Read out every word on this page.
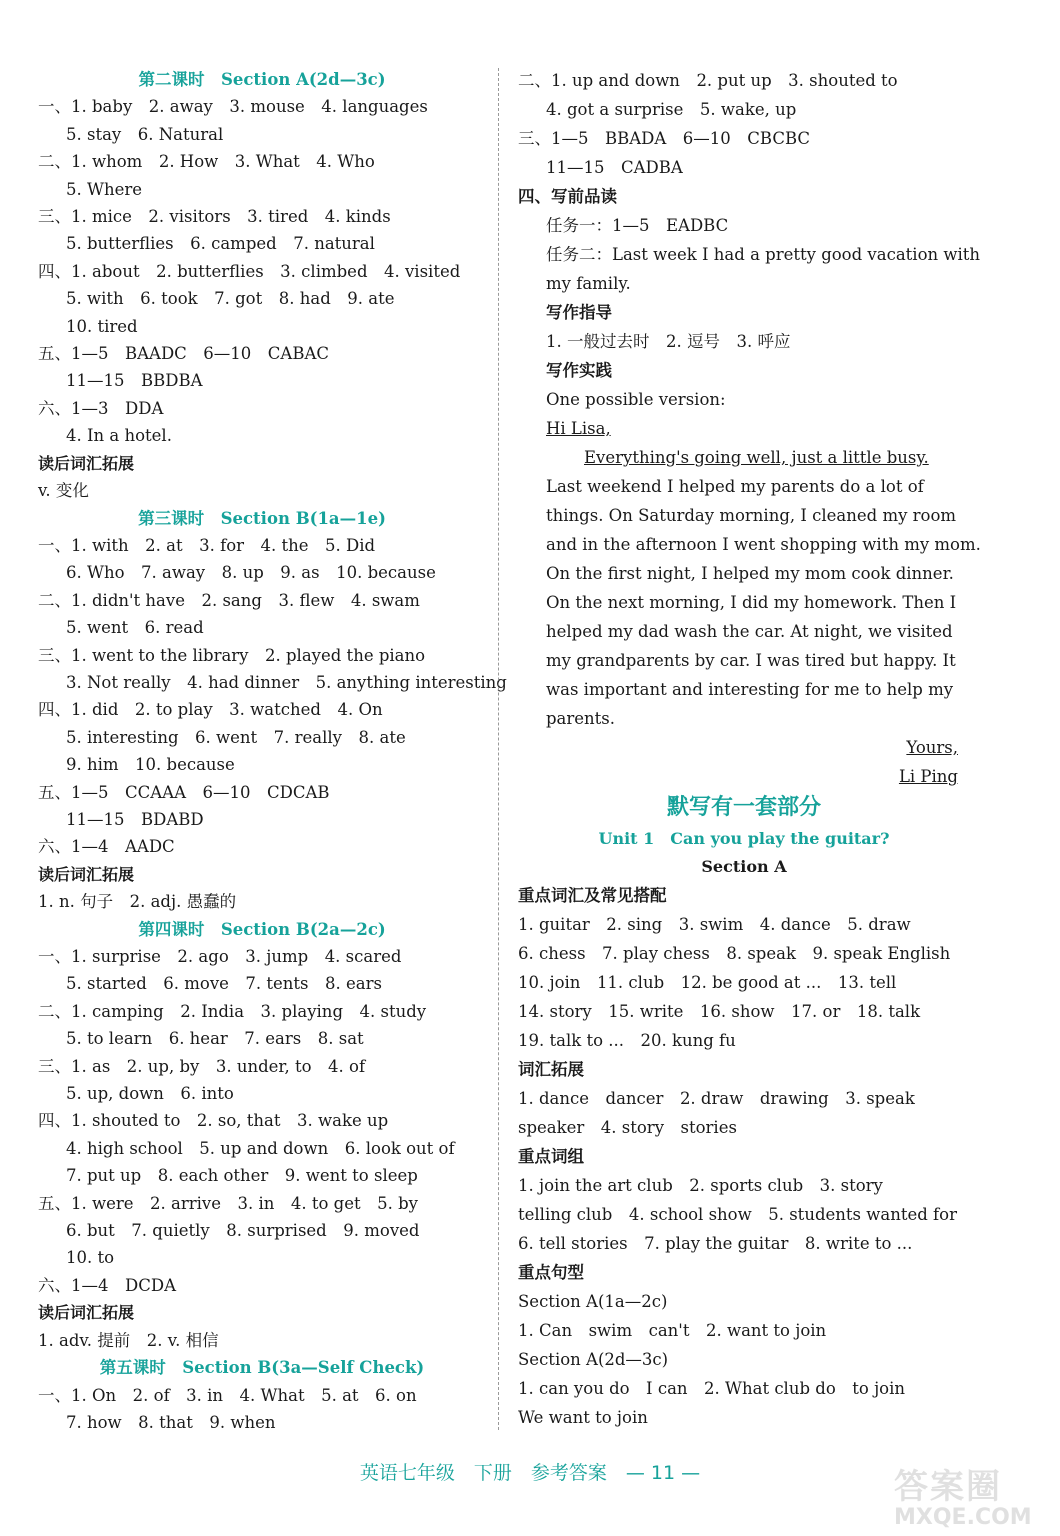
第二课时　Section A(2d—3c)
一、1. baby　2. away　3. mouse　4. languages
5. stay　6. Natural
二、1. whom　2. How　3. What　4. Who
5. Where
三、1. mice　2. visitors　3. tired　4. kinds
5. butterflies　6. camped　7. natural
四、1. about　2. butterflies　3. climbed　4. visited
5. with　6. took　7. got　8. had　9. ate
10. tired
五、1—5　BAADC　6—10　CABAC
11—15　BBDBA
六、1—3　DDA
4. In a hotel.
读后词汇拓展
v. 变化
第三课时　Section B(1a—1e)
一、1. with　2. at　3. for　4. the　5. Did
6. Who　7. away　8. up　9. as　10. because
二、1. didn't have　2. sang　3. flew　4. swam
5. went　6. read
三、1. went to the library　2. played the piano
3. Not really　4. had dinner　5. anything interesting
四、1. did　2. to play　3. watched　4. On
5. interesting　6. went　7. really　8. ate
9. him　10. because
五、1—5　CCAAA　6—10　CDCAB
11—15　BDABD
六、1—4　AADC
读后词汇拓展
1. n. 句子　2. adj. 愚蠢的
第四课时　Section B(2a—2c)
一、1. surprise　2. ago　3. jump　4. scared
5. started　6. move　7. tents　8. ears
二、1. camping　2. India　3. playing　4. study
5. to learn　6. hear　7. ears　8. sat
三、1. as　2. up, by　3. under, to　4. of
5. up, down　6. into
四、1. shouted to　2. so, that　3. wake up
4. high school　5. up and down　6. look out of
7. put up　8. each other　9. went to sleep
五、1. were　2. arrive　3. in　4. to get　5. by
6. but　7. quietly　8. surprised　9. moved
10. to
六、1—4　DCDA
读后词汇拓展
1. adv. 提前　2. v. 相信
第五课时　Section B(3a—Self Check)
一、1. On　2. of　3. in　4. What　5. at　6. on
7. how　8. that　9. when
二、1. up and down　2. put up　3. shouted to
4. got a surprise　5. wake, up
三、1—5　BBADA　6—10　CBCBC
11—15　CADBA
四、写前品读
任务一：1—5　EADBC
任务二：Last week I had a pretty good vacation with
my family.
写作指导
1. 一般过去时　2. 逗号　3. 呼应
写作实践
One possible version:
Hi Lisa,
Everything's going well, just a little busy.
Last weekend I helped my parents do a lot of
things. On Saturday morning, I cleaned my room
and in the afternoon I went shopping with my mom.
On the first night, I helped my mom cook dinner.
On the next morning, I did my homework. Then I
helped my dad wash the car. At night, we visited
my grandparents by car. I was tired but happy. It
was important and interesting for me to help my
parents.
Yours,
Li Ping
默写有一套部分
Unit 1　Can you play the guitar?
Section A
重点词汇及常见搭配
1. guitar　2. sing　3. swim　4. dance　5. draw
6. chess　7. play chess　8. speak　9. speak English
10. join　11. club　12. be good at ...　13. tell
14. story　15. write　16. show　17. or　18. talk
19. talk to ...　20. kung fu
词汇拓展
1. dance　dancer　2. draw　drawing　3. speak
speaker　4. story　stories
重点词组
1. join the art club　2. sports club　3. story
telling club　4. school show　5. students wanted for
6. tell stories　7. play the guitar　8. write to ...
重点句型
Section A(1a—2c)
1. Can　swim　can't　2. want to join
Section A(2d—3c)
1. can you do　I can　2. What club do　to join
We want to join
英语七年级　下册　参考答案　— 11 —	答案圈
MXQE.COM
